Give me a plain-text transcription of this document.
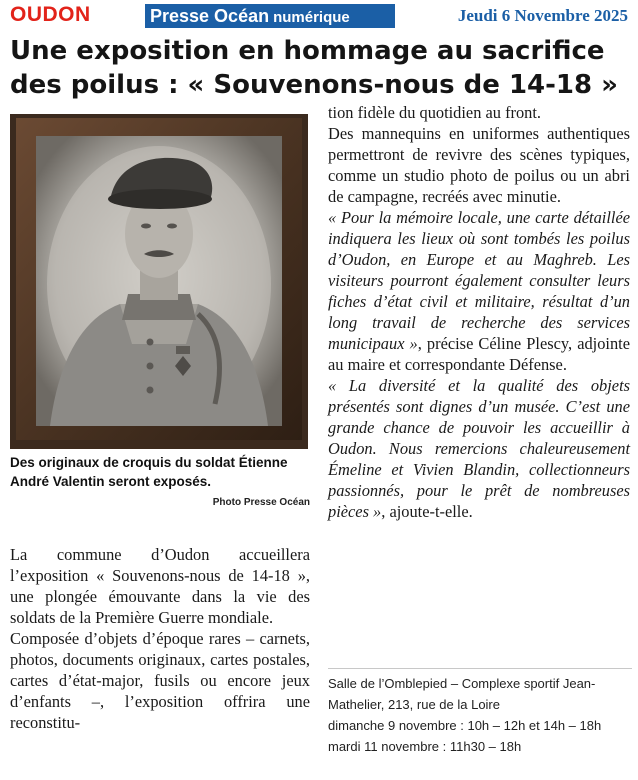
OUDON	Presse Océan numérique	Jeudi 6 Novembre 2025
Une exposition en hommage au sacrifice des poilus : « Souvenons-nous de 14-18 »
Des originaux de croquis du soldat Étienne André Valentin seront exposés.
Photo Presse Océan

La commune d’Oudon accueillera l’exposition « Souvenons-nous de 14-18 », une plongée émouvante dans la vie des soldats de la Première Guerre mondiale.

Composée d’objets d’époque rares – carnets, photos, documents originaux, cartes postales, cartes d’état-major, fusils ou encore jeux d’enfants –, l’exposition offrira une reconstitu-

tion fidèle du quotidien au front.

Des mannequins en uniformes authentiques permettront de revivre des scènes typiques, comme un studio photo de poilus ou un abri de campagne, recréés avec minutie.

« Pour la mémoire locale, une carte détaillée indiquera les lieux où sont tombés les poilus d’Oudon, en Europe et au Maghreb. Les visiteurs pourront également consulter leurs fiches d’état civil et militaire, résultat d’un long travail de recherche des services municipaux », précise Céline Plescy, adjointe au maire et correspondante Défense.

« La diversité et la qualité des objets présentés sont dignes d’un musée. C’est une grande chance de pouvoir les accueillir à Oudon. Nous remercions chaleureusement Émeline et Vivien Blandin, collectionneurs passionnés, pour le prêt de nombreuses pièces », ajoute-t-elle.

Salle de l’Omblepied – Complexe sportif Jean-
Mathelier, 213, rue de la Loire
dimanche 9 novembre : 10h – 12h et 14h – 18h
mardi 11 novembre : 11h30 – 18h
